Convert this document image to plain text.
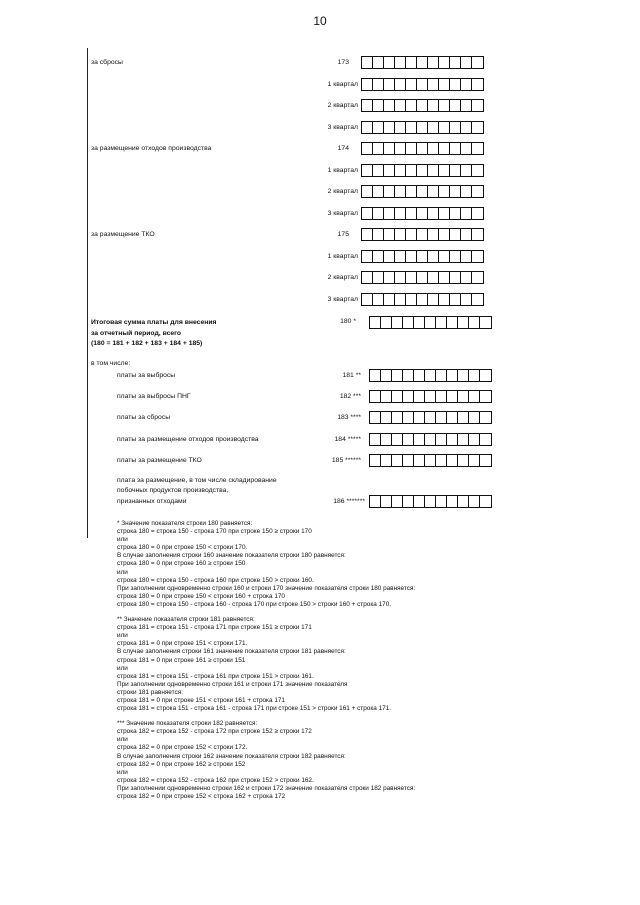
10
за сбросы	173
1 квартал
2 квартал
3 квартал
за размещение отходов производства	174
1 квартал
2 квартал
3 квартал
за размещение ТКО	175
1 квартал
2 квартал
3 квартал
Итоговая сумма платы для внесения
за отчетный период, всего
(180 = 181 + 182 + 183 + 184 + 185)
180 *
в том числе:
платы за выбросы	181 **
платы за выбросы ПНГ	182 ***
платы за сбросы	183 ****
платы за размещение отходов производства	184 *****
платы за размещение ТКО	185 ******
плата за размещение, в том числе складирование
побочных продуктов производства,
признанных отходами	186 *******

* Значение показателя строки 180 равняется:

строка 180 = строка 150 - строка 170 при строке 150 ≥ строки 170

или

строка 180 = 0 при строке 150 < строки 170.

В случае заполнения строки 160 значение показателя строки 180 равняется:

строка 180 = 0 при строке 160 ≥ строки 150

или

строка 180 = строка 150 - строка 160 при строке 150 > строки 160.

При заполнении одновременно строки 160 и строки 170 значение показателя строки 180 равняется:

строка 180 = 0 при строке 150 < строки 160 + строка 170

строка 180 = строка 150 - строка 160 - строка 170 при строке 150 > строки 160 + строка 170.

** Значение показателя строки 181 равняется:

строка 181 = строка 151 - строка 171 при строке 151 ≥ строки 171

или

строка 181 = 0 при строке 151 < строки 171.

В случае заполнения строки 161 значение показателя строки 181 равняется:

строка 181 = 0 при строке 161 ≥ строки 151

или

строка 181 = строка 151 - строка 161 при строке 151 > строки 161.

При заполнении одновременно строки 161 и строки 171 значение показателя

строки 181 равняется:

строка 181 = 0 при строке 151 < строки 161 + строка 171

строка 181 = строка 151 - строка 161 - строка 171 при строке 151 > строки 161 + строка 171.

*** Значение показателя строки 182 равняется:

строка 182 = строка 152 - строка 172 при строке 152 ≥ строки 172

или

строка 182 = 0 при строке 152 < строки 172.

В случае заполнения строки 162 значение показателя строки 182 равняется:

строка 182 = 0 при строке 162 ≥ строки 152

или

строка 182 = строка 152 - строка 162 при строке 152 > строки 162.

При заполнении одновременно строки 162 и строки 172 значение показателя строки 182 равняется:

строка 182 = 0 при строке 152 < строка 162 + строка 172
